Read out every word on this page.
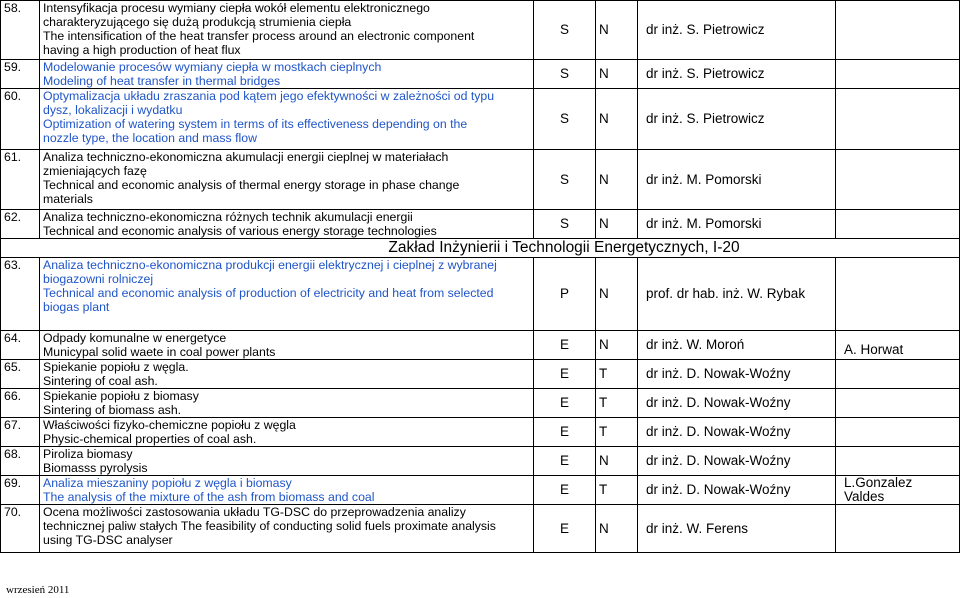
58.	Intensyfikacja procesu wymiany ciepła wokół elementu elektronicznego
charakteryzującego się dużą produkcją strumienia ciepła
The intensification of the heat transfer process around an electronic component
having a high production of heat flux	S	N	dr inż. S. Pietrowicz	
59.	Modelowanie procesów wymiany ciepła w mostkach cieplnych
Modeling of heat transfer in thermal bridges	S	N	dr inż. S. Pietrowicz	
60.	Optymalizacja układu zraszania pod kątem jego efektywności w zależności od typu
dysz, lokalizacji i wydatku
Optimization of watering system in terms of its effectiveness depending on the
nozzle type, the location and mass flow	S	N	dr inż. S. Pietrowicz	
61.	Analiza techniczno-ekonomiczna akumulacji energii cieplnej w materiałach
zmieniających fazę
Technical and economic analysis of thermal energy storage in phase change
materials	S	N	dr inż. M. Pomorski	
62.	Analiza techniczno-ekonomiczna różnych technik akumulacji energii
Technical and economic analysis of various energy storage technologies	S	N	dr inż. M. Pomorski	
Zakład Inżynierii i Technologii Energetycznych, I-20					
63.	Analiza techniczno-ekonomiczna produkcji energii elektrycznej i cieplnej z wybranej
biogazowni rolniczej
Technical and economic analysis of production of electricity and heat from selected
biogas plant	P	N	prof. dr hab. inż. W. Rybak	
64.	Odpady komunalne w energetyce
Municypal solid waete in coal power plants	E	N	dr inż. W. Moroń	A. Horwat
65.	Spiekanie popiołu z węgla.
Sintering of coal ash.	E	T	dr inż. D. Nowak-Woźny	
66.	Spiekanie popiołu z biomasy
Sintering of biomass ash.	E	T	dr inż. D. Nowak-Woźny	
67.	Właściwości fizyko-chemiczne popiołu z węgla
Physic-chemical properties of coal ash.	E	T	dr inż. D. Nowak-Woźny	
68.	Piroliza biomasy
Biomasss pyrolysis	E	N	dr inż. D. Nowak-Woźny	
69.	Analiza mieszaniny popiołu z węgla i biomasy
The analysis of the mixture of the ash from biomass and coal	E	T	dr inż. D. Nowak-Woźny	L.Gonzalez Valdes
70.	Ocena możliwości zastosowania układu TG-DSC do przeprowadzenia analizy
technicznej paliw stałych The feasibility of conducting solid fuels proximate analysis
using TG-DSC analyser	E	N	dr inż. W. Ferens	
wrzesień 2011
